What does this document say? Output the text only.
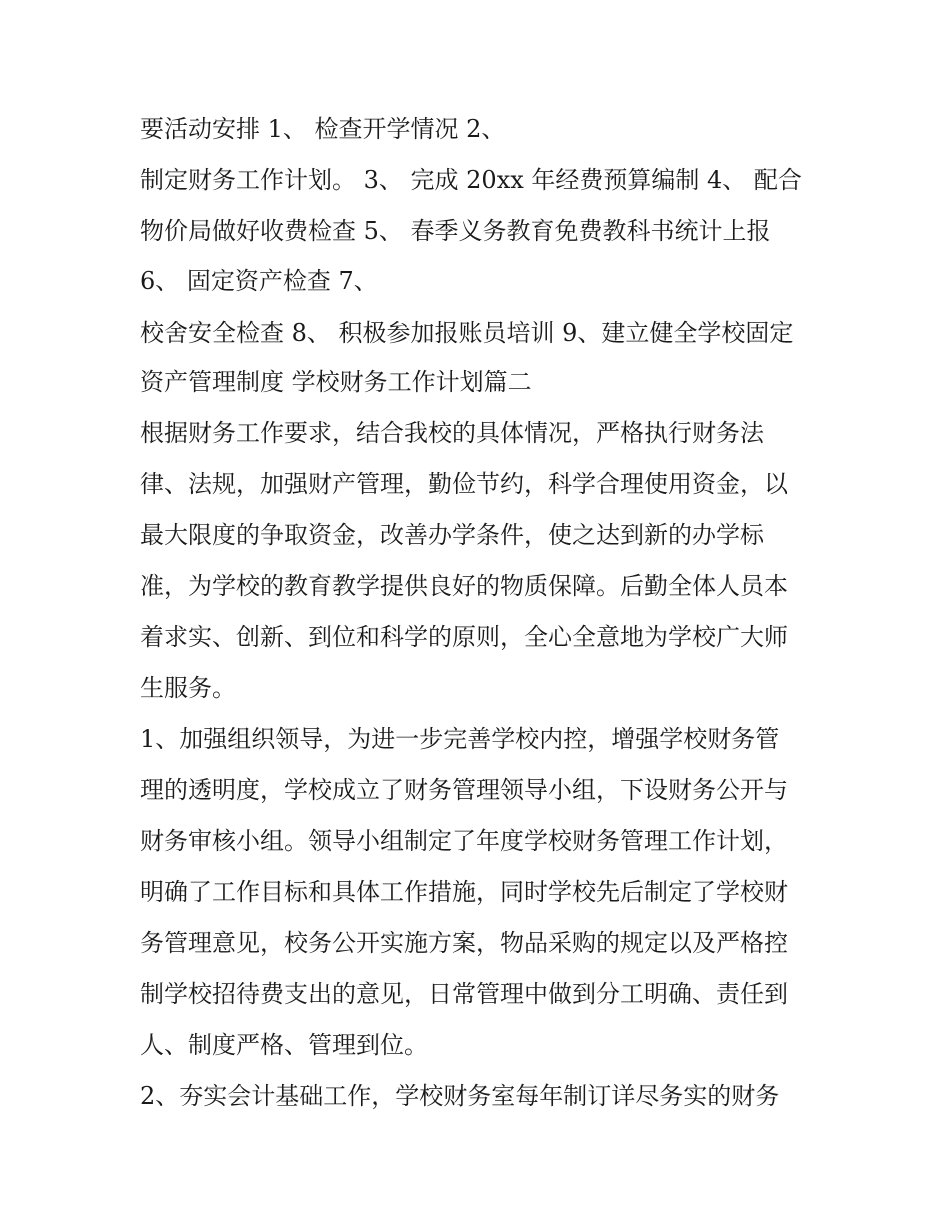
要活动安排 1、 检查开学情况 2、
制定财务工作计划。 3、 完成 20xx 年经费预算编制 4、 配合
物价局做好收费检查 5、 春季义务教育免费教科书统计上报
6、 固定资产检查 7、
校舍安全检查 8、 积极参加报账员培训 9、建立健全学校固定
资产管理制度 学校财务工作计划篇二
根据财务工作要求，结合我校的具体情况，严格执行财务法
律、法规，加强财产管理，勤俭节约，科学合理使用资金，以
最大限度的争取资金，改善办学条件，使之达到新的办学标
准，为学校的教育教学提供良好的物质保障。后勤全体人员本
着求实、创新、到位和科学的原则，全心全意地为学校广大师
生服务。
1、加强组织领导，为进一步完善学校内控，增强学校财务管
理的透明度，学校成立了财务管理领导小组，下设财务公开与
财务审核小组。领导小组制定了年度学校财务管理工作计划，
明确了工作目标和具体工作措施，同时学校先后制定了学校财
务管理意见，校务公开实施方案，物品采购的规定以及严格控
制学校招待费支出的意见，日常管理中做到分工明确、责任到
人、制度严格、管理到位。
2、夯实会计基础工作，学校财务室每年制订详尽务实的财务
